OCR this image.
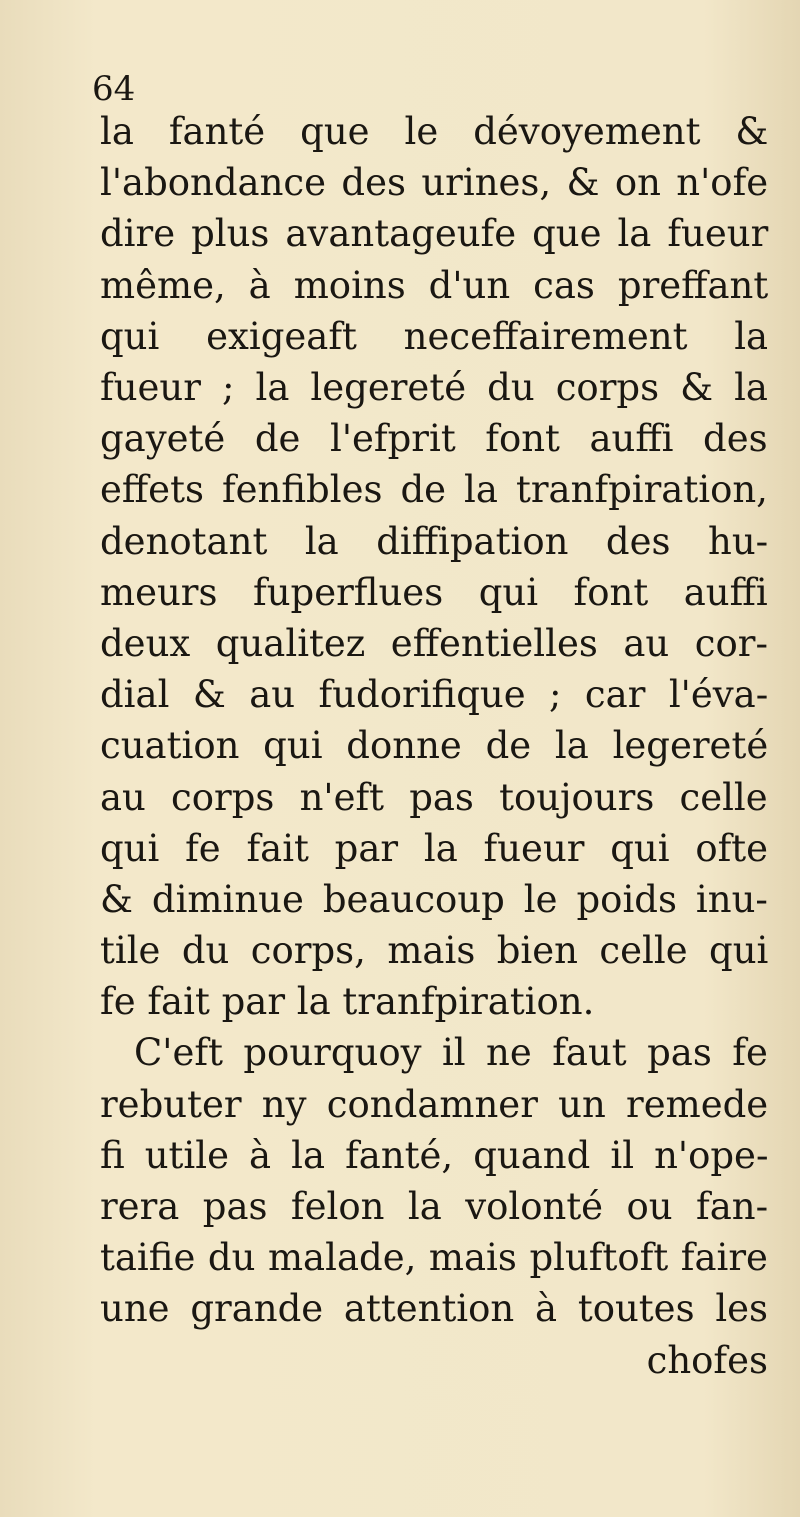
64
la fanté que le dévoyement &
l'abondance des urines, & on n'ofe
dire plus avantageufe que la fueur
même, à moins d'un cas preffant
qui exigeaft neceffairement la
fueur ; la legereté du corps & la
gayeté de l'efprit font auffi des
effets fenfibles de la tranfpiration,
denotant la diffipation des hu-
meurs fuperflues qui font auffi
deux qualitez effentielles au cor-
dial & au fudorifique ; car l'éva-
cuation qui donne de la legereté
au corps n'eft pas toujours celle
qui fe fait par la fueur qui ofte
& diminue beaucoup le poids inu-
tile du corps, mais bien celle qui
fe fait par la tranfpiration.
C'eft pourquoy il ne faut pas fe
rebuter ny condamner un remede
fi utile à la fanté, quand il n'ope-
rera pas felon la volonté ou fan-
taifie du malade, mais pluftoft faire
une grande attention à toutes les
chofes
